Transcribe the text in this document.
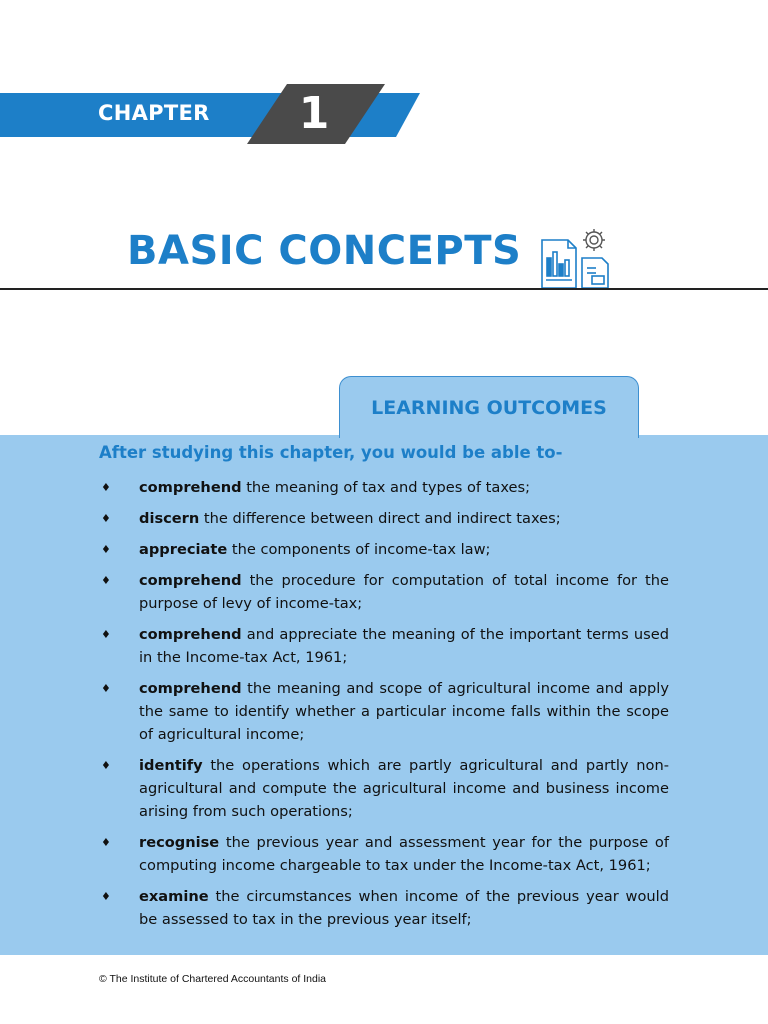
CHAPTER	1
BASIC CONCEPTS
LEARNING OUTCOMES
After studying this chapter, you would be able to-
♦ comprehend the meaning of tax and types of taxes;
♦ discern the difference between direct and indirect taxes;
♦ appreciate the components of income-tax law;
♦ comprehend the procedure for computation of total income for the purpose of levy of income-tax;
♦ comprehend and appreciate the meaning of the important terms used in the Income-tax Act, 1961;
♦ comprehend the meaning and scope of agricultural income and apply the same to identify whether a particular income falls within the scope of agricultural income;
♦ identify the operations which are partly agricultural and partly non-agricultural and compute the agricultural income and business income arising from such operations;
♦ recognise the previous year and assessment year for the purpose of computing income chargeable to tax under the Income-tax Act, 1961;
♦ examine the circumstances when income of the previous year would be assessed to tax in the previous year itself;
© The Institute of Chartered Accountants of India
